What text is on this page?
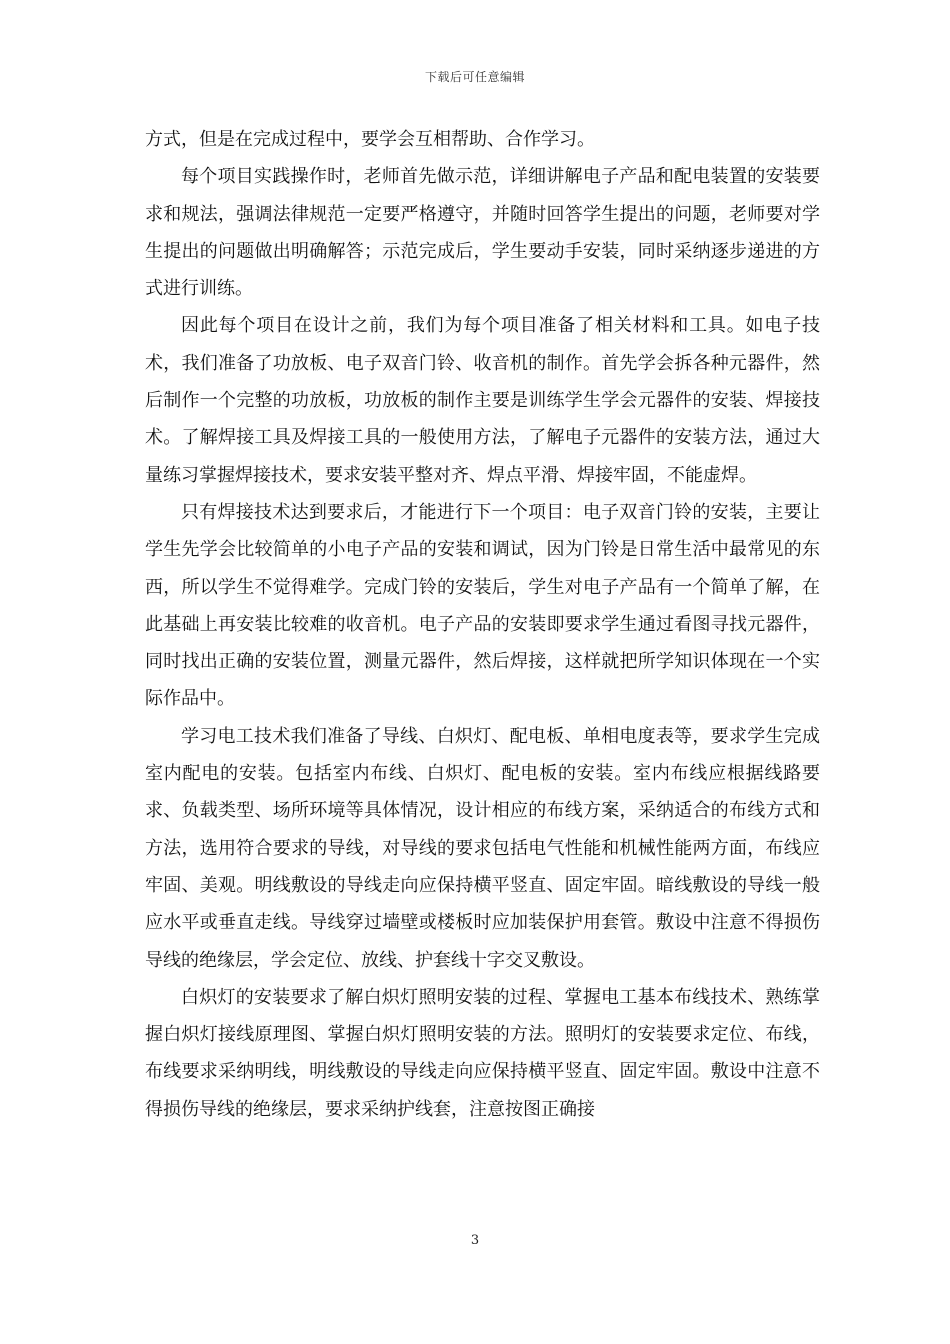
下载后可任意编辑

方式，但是在完成过程中，要学会互相帮助、合作学习。

每个项目实践操作时，老师首先做示范，详细讲解电子产品和配电装置的安装要求和规法，强调法律规范一定要严格遵守，并随时回答学生提出的问题，老师要对学生提出的问题做出明确解答；示范完成后，学生要动手安装，同时采纳逐步递进的方式进行训练。

因此每个项目在设计之前，我们为每个项目准备了相关材料和工具。如电子技术，我们准备了功放板、电子双音门铃、收音机的制作。首先学会拆各种元器件，然后制作一个完整的功放板，功放板的制作主要是训练学生学会元器件的安装、焊接技术。了解焊接工具及焊接工具的一般使用方法，了解电子元器件的安装方法，通过大量练习掌握焊接技术，要求安装平整对齐、焊点平滑、焊接牢固，不能虚焊。

只有焊接技术达到要求后，才能进行下一个项目：电子双音门铃的安装，主要让学生先学会比较简单的小电子产品的安装和调试，因为门铃是日常生活中最常见的东西，所以学生不觉得难学。完成门铃的安装后，学生对电子产品有一个简单了解，在此基础上再安装比较难的收音机。电子产品的安装即要求学生通过看图寻找元器件，同时找出正确的安装位置，测量元器件，然后焊接，这样就把所学知识体现在一个实际作品中。

学习电工技术我们准备了导线、白炽灯、配电板、单相电度表等，要求学生完成室内配电的安装。包括室内布线、白炽灯、配电板的安装。室内布线应根据线路要求、负载类型、场所环境等具体情况，设计相应的布线方案，采纳适合的布线方式和方法，选用符合要求的导线，对导线的要求包括电气性能和机械性能两方面，布线应牢固、美观。明线敷设的导线走向应保持横平竖直、固定牢固。暗线敷设的导线一般应水平或垂直走线。导线穿过墙壁或楼板时应加装保护用套管。敷设中注意不得损伤导线的绝缘层，学会定位、放线、护套线十字交叉敷设。

白炽灯的安装要求了解白炽灯照明安装的过程、掌握电工基本布线技术、熟练掌握白炽灯接线原理图、掌握白炽灯照明安装的方法。照明灯的安装要求定位、布线，布线要求采纳明线，明线敷设的导线走向应保持横平竖直、固定牢固。敷设中注意不得损伤导线的绝缘层，要求采纳护线套，注意按图正确接

3
